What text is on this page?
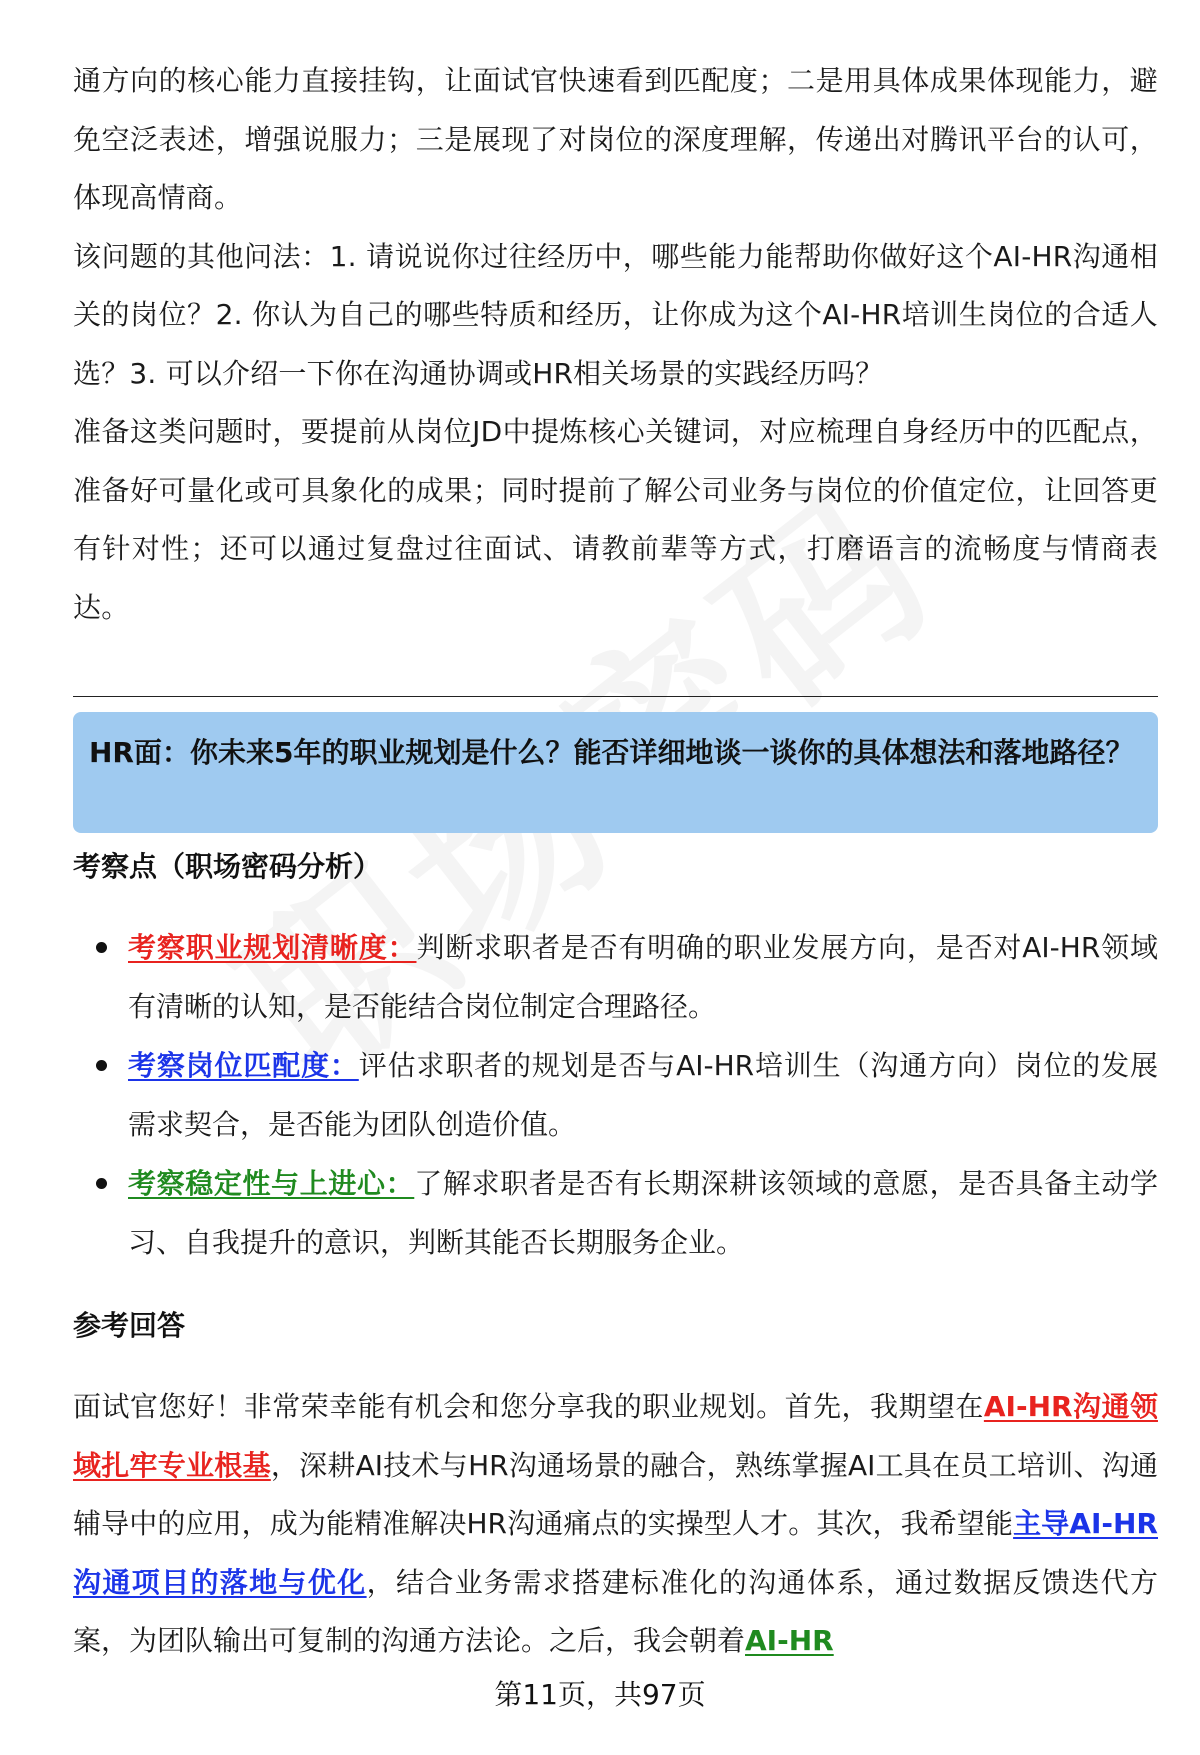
通方向的核心能力直接挂钩，让面试官快速看到匹配度；二是用具体成果体现能力，避免空泛表述，增强说服力；三是展现了对岗位的深度理解，传递出对腾讯平台的认可，体现高情商。

该问题的其他问法：1. 请说说你过往经历中，哪些能力能帮助你做好这个AI-HR沟通相关的岗位？2. 你认为自己的哪些特质和经历，让你成为这个AI-HR培训生岗位的合适人选？3. 可以介绍一下你在沟通协调或HR相关场景的实践经历吗？

准备这类问题时，要提前从岗位JD中提炼核心关键词，对应梳理自身经历中的匹配点，准备好可量化或可具象化的成果；同时提前了解公司业务与岗位的价值定位，让回答更有针对性；还可以通过复盘过往面试、请教前辈等方式，打磨语言的流畅度与情商表达。

HR面：你未来5年的职业规划是什么？能否详细地谈一谈你的具体想法和落地路径？

考察点（职场密码分析）
考察职业规划清晰度：判断求职者是否有明确的职业发展方向，是否对AI-HR领域有清晰的认知，是否能结合岗位制定合理路径。
考察岗位匹配度：评估求职者的规划是否与AI-HR培训生（沟通方向）岗位的发展需求契合，是否能为团队创造价值。
考察稳定性与上进心：了解求职者是否有长期深耕该领域的意愿，是否具备主动学习、自我提升的意识，判断其能否长期服务企业。
参考回答

面试官您好！非常荣幸能有机会和您分享我的职业规划。首先，我期望在AI-HR沟通领域扎牢专业根基，深耕AI技术与HR沟通场景的融合，熟练掌握AI工具在员工培训、沟通辅导中的应用，成为能精准解决HR沟通痛点的实操型人才。其次，我希望能主导AI-HR沟通项目的落地与优化，结合业务需求搭建标准化的沟通体系，通过数据反馈迭代方案，为团队输出可复制的沟通方法论。之后，我会朝着AI-HR

第11页，共97页
